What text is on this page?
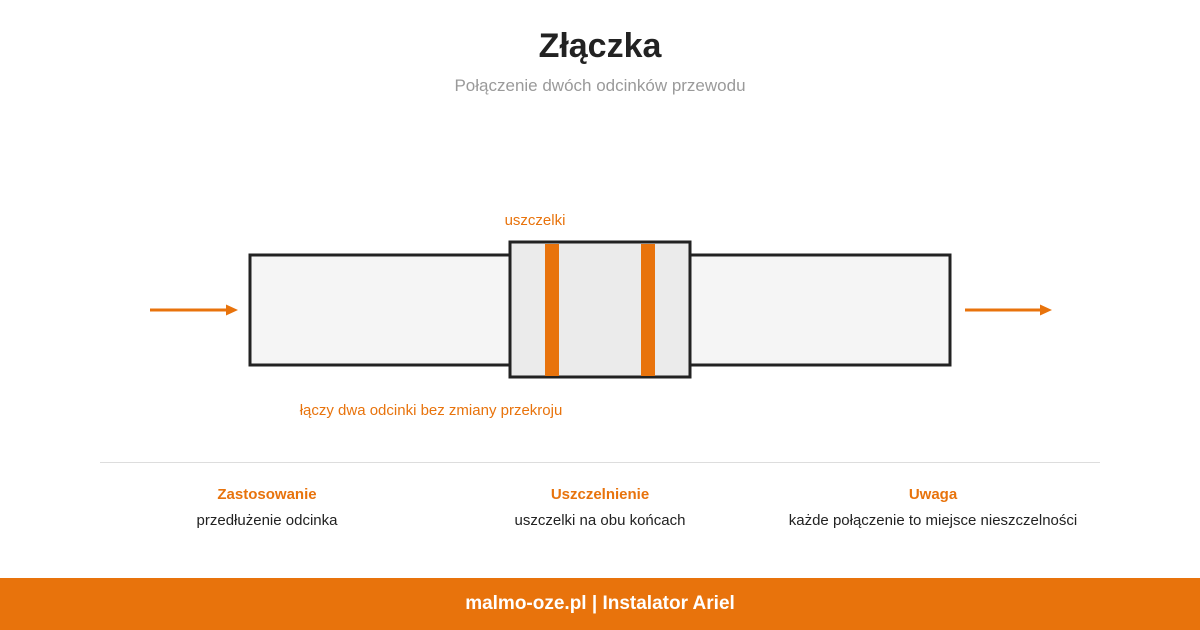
Złączka
Połączenie dwóch odcinków przewodu
uszczelki
łączy dwa odcinki bez zmiany przekroju
Zastosowanie
przedłużenie odcinka
Uszczelnienie
uszczelki na obu końcach
Uwaga
każde połączenie to miejsce nieszczelności
malmo-oze.pl | Instalator Ariel
